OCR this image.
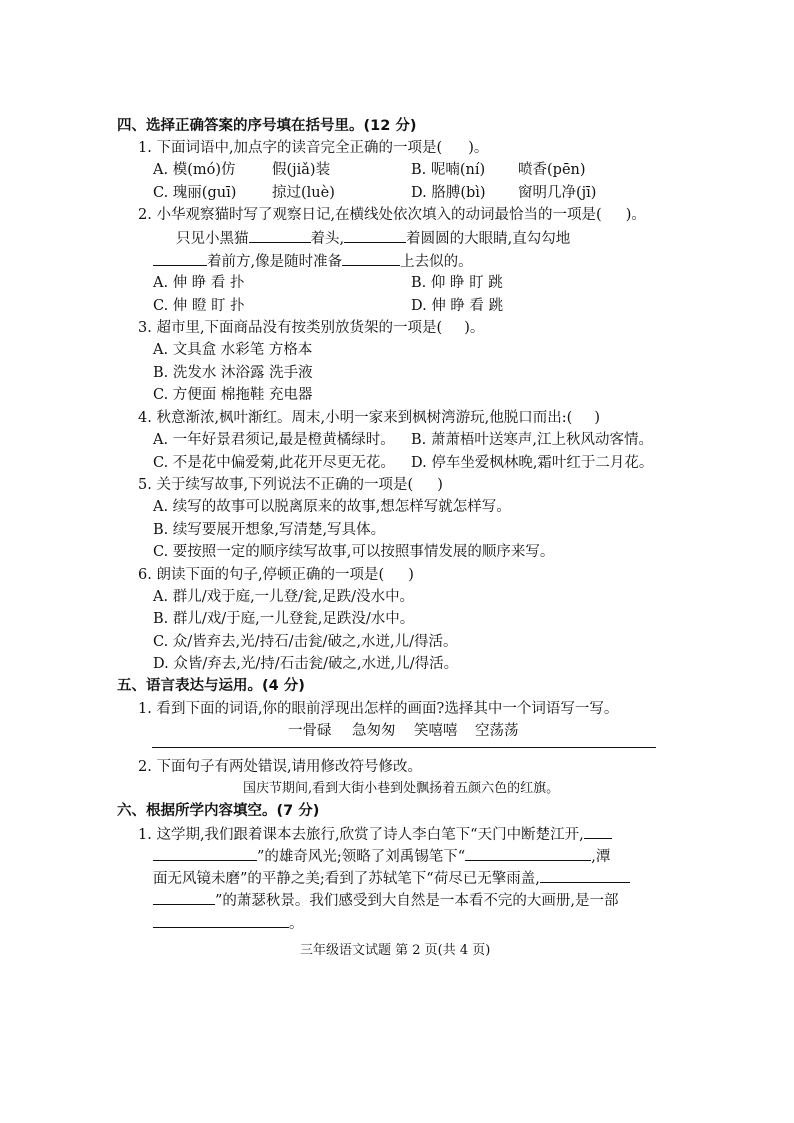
四、选择正确答案的序号填在括号里。(12 分)
1. 下面词语中,加点字的读音完全正确的一项是( )。
A. 模(mó)仿	假(jiǎ)装	B. 呢喃(ní) 喷香(pēn)
C. 瑰丽(guī) 掠过(luè)	D. 胳膊(bì) 窗明几净(jī)
2. 小华观察猫时写了观察日记,在横线处依次填入的动词最恰当的一项是( )。
只见小黑猫	着头,	着圆圆的大眼睛,直勾勾地
着前方,像是随时准备	上去似的。
A. 伸 睁 看 扑	B. 仰 睁 盯 跳
C. 伸 瞪 盯 扑	D. 伸 睁 看 跳
3. 超市里,下面商品没有按类别放货架的一项是( )。
A. 文具盒 水彩笔 方格本
B. 洗发水 沐浴露 洗手液
C. 方便面 棉拖鞋 充电器
4. 秋意渐浓,枫叶渐红。周末,小明一家来到枫树湾游玩,他脱口而出:( )
A. 一年好景君须记,最是橙黄橘绿时。 B. 萧萧梧叶送寒声,江上秋风动客情。
C. 不是花中偏爱菊,此花开尽更无花。 D. 停车坐爱枫林晚,霜叶红于二月花。
5. 关于续写故事,下列说法不正确的一项是( )
A. 续写的故事可以脱离原来的故事,想怎样写就怎样写。
B. 续写要展开想象,写清楚,写具体。
C. 要按照一定的顺序续写故事,可以按照事情发展的顺序来写。
6. 朗读下面的句子,停顿正确的一项是( )
A. 群儿/戏于庭,一儿登/瓮,足跌/没水中。
B. 群儿/戏/于庭,一儿登瓮,足跌没/水中。
C. 众/皆弃去,光/持石/击瓮/破之,水迸,儿/得活。
D. 众皆/弃去,光/持/石击瓮/破之,水迸,儿/得活。
五、语言表达与运用。(4 分)
1. 看到下面的词语,你的眼前浮现出怎样的画面?选择其中一个词语写一写。
一骨碌 急匆匆 笑嘻嘻 空荡荡
2. 下面句子有两处错误,请用修改符号修改。
国庆节期间,看到大街小巷到处飘扬着五颜六色的红旗。
六、根据所学内容填空。(7 分)
1. 这学期,我们跟着课本去旅行,欣赏了诗人李白笔下“天门中断楚江开,
”的雄奇风光;领略了刘禹锡笔下“	,潭
面无风镜未磨”的平静之美;看到了苏轼笔下“荷尽已无擎雨盖,
”的萧瑟秋景。我们感受到大自然是一本看不完的大画册,是一部
。
三年级语文试题 第 2 页(共 4 页)
